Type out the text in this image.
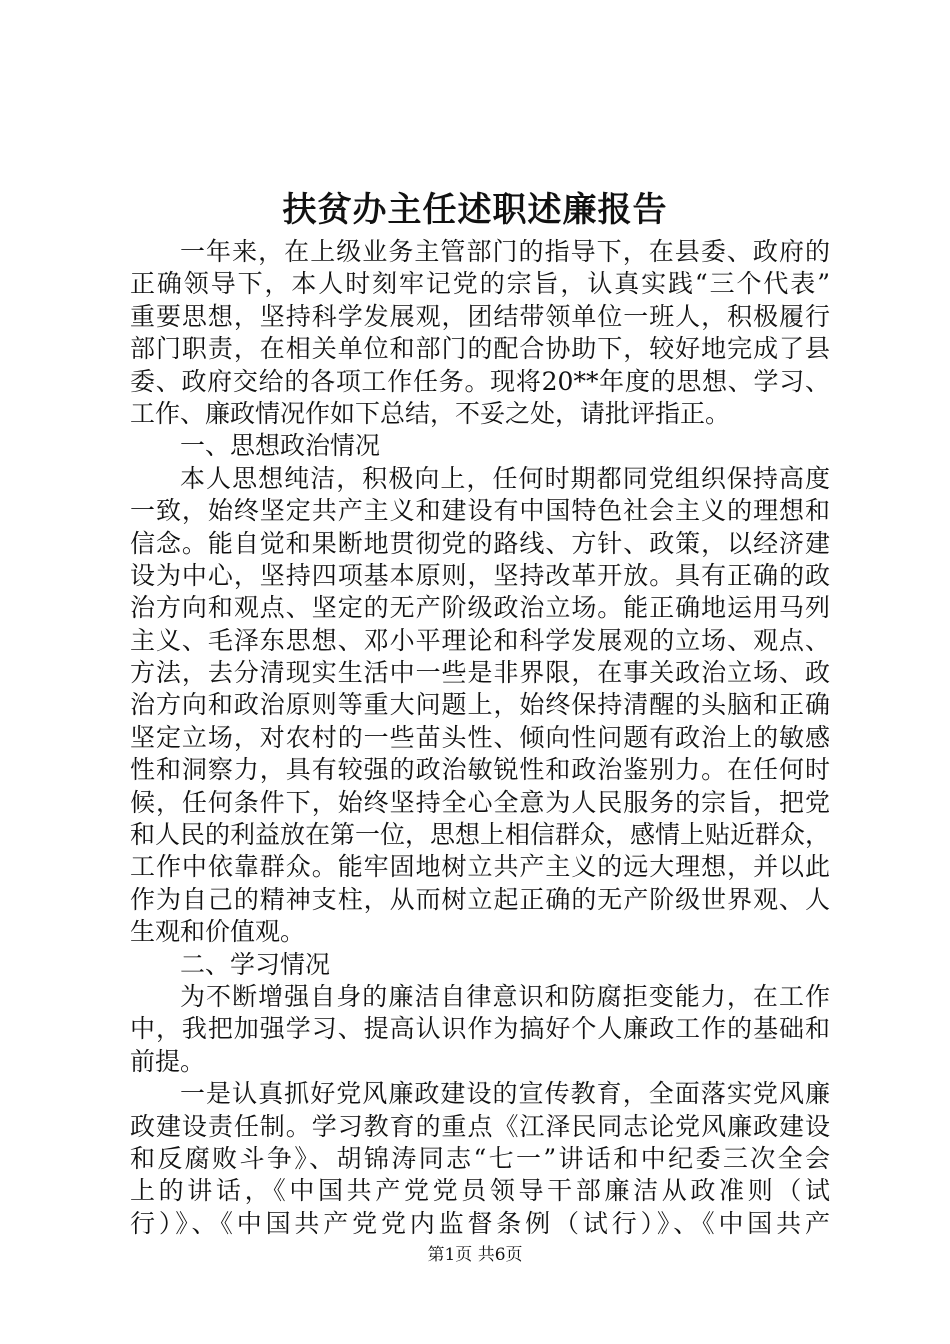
扶贫办主任述职述廉报告
一年来，在上级业务主管部门的指导下，在县委、政府的
正确领导下，本人时刻牢记党的宗旨，认真实践“三个代表”
重要思想，坚持科学发展观，团结带领单位一班人，积极履行
部门职责，在相关单位和部门的配合协助下，较好地完成了县
委、政府交给的各项工作任务。现将20**年度的思想、学习、
工作、廉政情况作如下总结，不妥之处，请批评指正。
一、思想政治情况
本人思想纯洁，积极向上，任何时期都同党组织保持高度
一致，始终坚定共产主义和建设有中国特色社会主义的理想和
信念。能自觉和果断地贯彻党的路线、方针、政策，以经济建
设为中心，坚持四项基本原则，坚持改革开放。具有正确的政
治方向和观点、坚定的无产阶级政治立场。能正确地运用马列
主义、毛泽东思想、邓小平理论和科学发展观的立场、观点、
方法，去分清现实生活中一些是非界限，在事关政治立场、政
治方向和政治原则等重大问题上，始终保持清醒的头脑和正确
坚定立场，对农村的一些苗头性、倾向性问题有政治上的敏感
性和洞察力，具有较强的政治敏锐性和政治鉴别力。在任何时
候，任何条件下，始终坚持全心全意为人民服务的宗旨，把党
和人民的利益放在第一位，思想上相信群众，感情上贴近群众，
工作中依靠群众。能牢固地树立共产主义的远大理想，并以此
作为自己的精神支柱，从而树立起正确的无产阶级世界观、人
生观和价值观。
二、学习情况
为不断增强自身的廉洁自律意识和防腐拒变能力，在工作
中，我把加强学习、提高认识作为搞好个人廉政工作的基础和
前提。
一是认真抓好党风廉政建设的宣传教育，全面落实党风廉
政建设责任制。学习教育的重点《江泽民同志论党风廉政建设
和反腐败斗争》、胡锦涛同志“七一”讲话和中纪委三次全会
上的讲话，《中国共产党党员领导干部廉洁从政准则（试
行）》、《中国共产党党内监督条例（试行）》、《中国共产
第1页 共6页
